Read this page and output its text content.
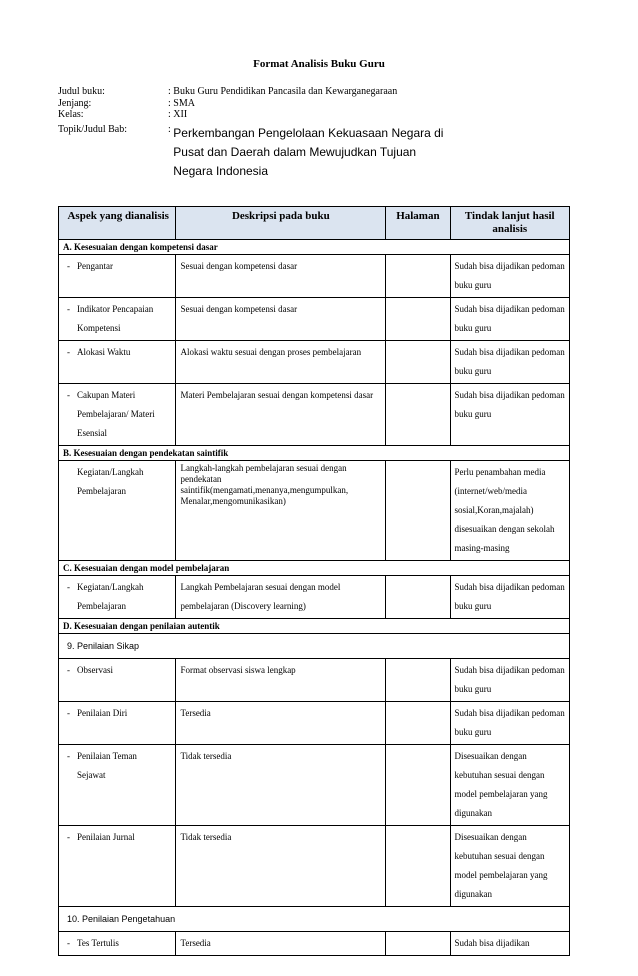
Format Analisis Buku Guru
Judul buku:	: Buku Guru Pendidikan Pancasila dan Kewarganegaraan
Jenjang:	: SMA
Kelas:	: XII
Topik/Judul Bab:	:
Perkembangan Pengelolaan Kekuasaan Negara di Pusat dan Daerah dalam Mewujudkan Tujuan Negara Indonesia
Aspek yang dianalisis	Deskripsi pada buku	Halaman	Tindak lanjut hasil analisis
A. Kesesuaian dengan kompetensi dasar			
- Pengantar	Sesuai dengan kompetensi dasar		Sudah bisa dijadikan pedoman buku guru

-
Indikator Pencapaian Kompetensi	Sesuai dengan kompetensi dasar		Sudah bisa dijadikan pedoman buku guru
- Alokasi Waktu	Alokasi waktu sesuai dengan proses pembelajaran		Sudah bisa dijadikan pedoman buku guru

-
Cakupan Materi Pembelajaran/ Materi Esensial	Materi Pembelajaran sesuai dengan kompetensi dasar		Sudah bisa dijadikan pedoman buku guru
B. Kesesuaian dengan pendekatan saintifik			
Kegiatan/Langkah Pembelajaran	Langkah-langkah pembelajaran sesuai dengan pendekatan saintifik(mengamati,menanya,mengumpulkan, Menalar,mengomunikasikan)		Perlu penambahan media (internet/web/media sosial,Koran,majalah) disesuaikan dengan sekolah masing-masing
C. Kesesuaian dengan model pembelajaran			

-
Kegiatan/Langkah Pembelajaran	Langkah Pembelajaran sesuai dengan model pembelajaran (Discovery learning)		Sudah bisa dijadikan pedoman buku guru
D. Kesesuaian dengan penilaian autentik			
9. Penilaian Sikap			
- Observasi	Format observasi siswa lengkap		Sudah bisa dijadikan pedoman buku guru
- Penilaian Diri	Tersedia		Sudah bisa dijadikan pedoman buku guru

-
Penilaian Teman Sejawat	Tidak tersedia		Disesuaikan dengan kebutuhan sesuai dengan model pembelajaran yang digunakan
- Penilaian Jurnal	Tidak tersedia		Disesuaikan dengan kebutuhan sesuai dengan model pembelajaran yang digunakan
10. Penilaian Pengetahuan			
- Tes Tertulis	Tersedia		Sudah bisa dijadikan
